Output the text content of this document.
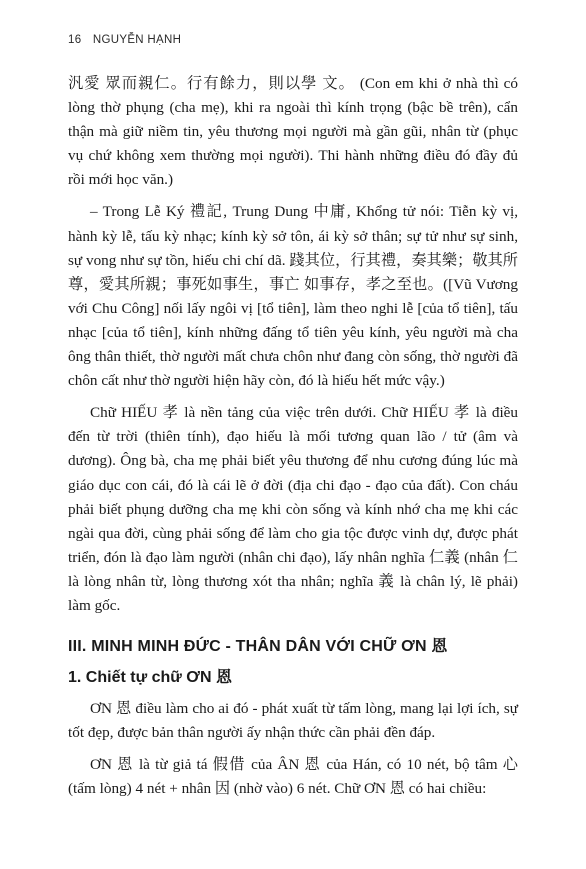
16 NGUYỄN HẠNH

汎愛 眾而親仁。行有餘力，則以學 文。 (Con em khi ở nhà thì có lòng thờ phụng (cha mẹ), khi ra ngoài thì kính trọng (bậc bề trên), cẩn thận mà giữ niềm tin, yêu thương mọi người mà gần gũi, nhân từ (phục vụ chứ không xem thường mọi người). Thi hành những điều đó đầy đủ rồi mới học văn.)

– Trong Lễ Ký 禮記, Trung Dung 中庸, Khổng tử nói: Tiễn kỳ vị, hành kỳ lễ, tấu kỳ nhạc; kính kỳ sở tôn, ái kỳ sở thân; sự tử như sự sinh, sự vong như sự tồn, hiếu chi chí dã. 踐其位，行其禮，奏其樂；敬其所尊，愛其所親；事死如事生，事亡 如事存，孝之至也。([Vũ Vương với Chu Công] nối lấy ngôi vị [tổ tiên], làm theo nghi lễ [của tổ tiên], tấu nhạc [của tổ tiên], kính những đấng tổ tiên yêu kính, yêu người mà cha ông thân thiết, thờ người mất chưa chôn như đang còn sống, thờ người đã chôn cất như thờ người hiện hãy còn, đó là hiếu hết mức vậy.)

Chữ HIẾU 孝 là nền tảng của việc trên dưới. Chữ HIẾU 孝 là điều đến từ trời (thiên tính), đạo hiếu là mối tương quan lão / tử (âm và dương). Ông bà, cha mẹ phải biết yêu thương để nhu cương đúng lúc mà giáo dục con cái, đó là cái lẽ ở đời (địa chi đạo - đạo của đất). Con cháu phải biết phụng dưỡng cha mẹ khi còn sống và kính nhớ cha mẹ khi các ngài qua đời, cùng phải sống để làm cho gia tộc được vinh dự, được phát triển, đón là đạo làm người (nhân chi đạo), lấy nhân nghĩa 仁義 (nhân 仁 là lòng nhân từ, lòng thương xót tha nhân; nghĩa 義 là chân lý, lẽ phải) làm gốc.

III. MINH MINH ĐỨC - THÂN DÂN VỚI CHỮ ƠN 恩
1. Chiết tự chữ ƠN 恩

ƠN 恩 điều làm cho ai đó - phát xuất từ tấm lòng, mang lại lợi ích, sự tốt đẹp, được bản thân người ấy nhận thức cần phải đền đáp.

ƠN 恩 là từ giả tá 假借 của ÂN 恩 của Hán, có 10 nét, bộ tâm 心 (tấm lòng) 4 nét + nhân 因 (nhờ vào) 6 nét. Chữ ƠN 恩 có hai chiều:
